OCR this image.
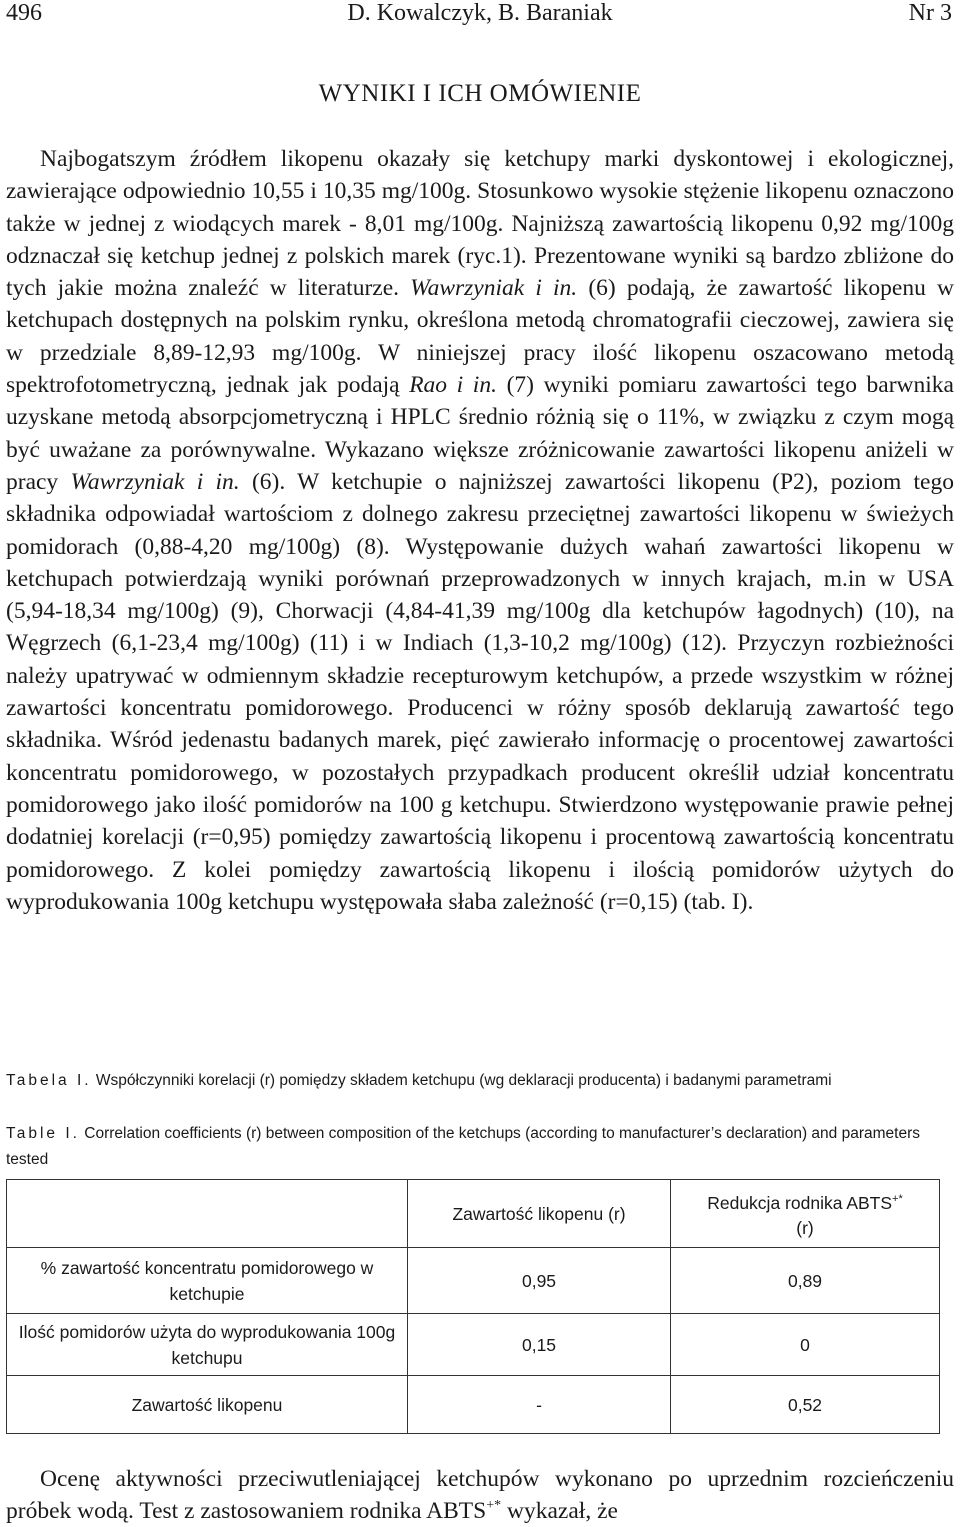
496	D. Kowalczyk, B. Baraniak	Nr 3
WYNIKI I ICH OMÓWIENIE

Najbogatszym źródłem likopenu okazały się ketchupy marki dyskontowej i ekologicznej, zawierające odpowiednio 10,55 i 10,35 mg/100g. Stosunkowo wysokie stężenie likopenu oznaczono także w jednej z wiodących marek - 8,01 mg/100g. Najniższą zawartością likopenu 0,92 mg/100g odznaczał się ketchup jednej z polskich marek (ryc.1). Prezentowane wyniki są bardzo zbliżone do tych jakie można znaleźć w literaturze. Wawrzyniak i in. (6) podają, że zawartość likopenu w ketchupach dostępnych na polskim rynku, określona metodą chromatografii cieczowej, zawiera się w przedziale 8,89-12,93 mg/100g. W niniejszej pracy ilość likopenu oszacowano metodą spektrofotometryczną, jednak jak podają Rao i in. (7) wyniki pomiaru zawartości tego barwnika uzyskane metodą absorpcjometryczną i HPLC średnio różnią się o 11%, w związku z czym mogą być uważane za porównywalne. Wykazano większe zróżnicowanie zawartości likopenu aniżeli w pracy Wawrzyniak i in. (6). W ketchupie o najniższej zawartości likopenu (P2), poziom tego składnika odpowiadał wartościom z dolnego zakresu przeciętnej zawartości likopenu w świeżych pomidorach (0,88-4,20 mg/100g) (8). Występowanie dużych wahań zawartości likopenu w ketchupach potwierdzają wyniki porównań przeprowadzonych w innych krajach, m.in w USA (5,94-18,34 mg/100g) (9), Chorwacji (4,84-41,39 mg/100g dla ketchupów łagodnych) (10), na Węgrzech (6,1-23,4 mg/100g) (11) i w Indiach (1,3-10,2 mg/100g) (12). Przyczyn rozbieżności należy upatrywać w odmiennym składzie recepturowym ketchupów, a przede wszystkim w różnej zawartości koncentratu pomidorowego. Producenci w różny sposób deklarują zawartość tego składnika. Wśród jedenastu badanych marek, pięć zawierało informację o procentowej zawartości koncentratu pomidorowego, w pozostałych przypadkach producent określił udział koncentratu pomidorowego jako ilość pomidorów na 100 g ketchupu. Stwierdzono występowanie prawie pełnej dodatniej korelacji (r=0,95) pomiędzy zawartością likopenu i procentową zawartością koncentratu pomidorowego. Z kolei pomiędzy zawartością likopenu i ilością pomidorów użytych do wyprodukowania 100g ketchupu występowała słaba zależność (r=0,15) (tab. I).

Tabela I. Współczynniki korelacji (r) pomiędzy składem ketchupu (wg deklaracji producenta) i badanymi parametrami
Table I. Correlation coefficients (r) between composition of the ketchups (according to manufacturer’s declaration) and parameters tested
	Zawartość likopenu (r)	Redukcja rodnika ABTS+*
(r)
% zawartość koncentratu pomidorowego w ketchupie	0,95	0,89
Ilość pomidorów użyta do wyprodukowania 100g ketchupu	0,15	0
Zawartość likopenu	-	0,52

Ocenę aktywności przeciwutleniającej ketchupów wykonano po uprzednim rozcieńczeniu próbek wodą. Test z zastosowaniem rodnika ABTS+* wykazał, że
